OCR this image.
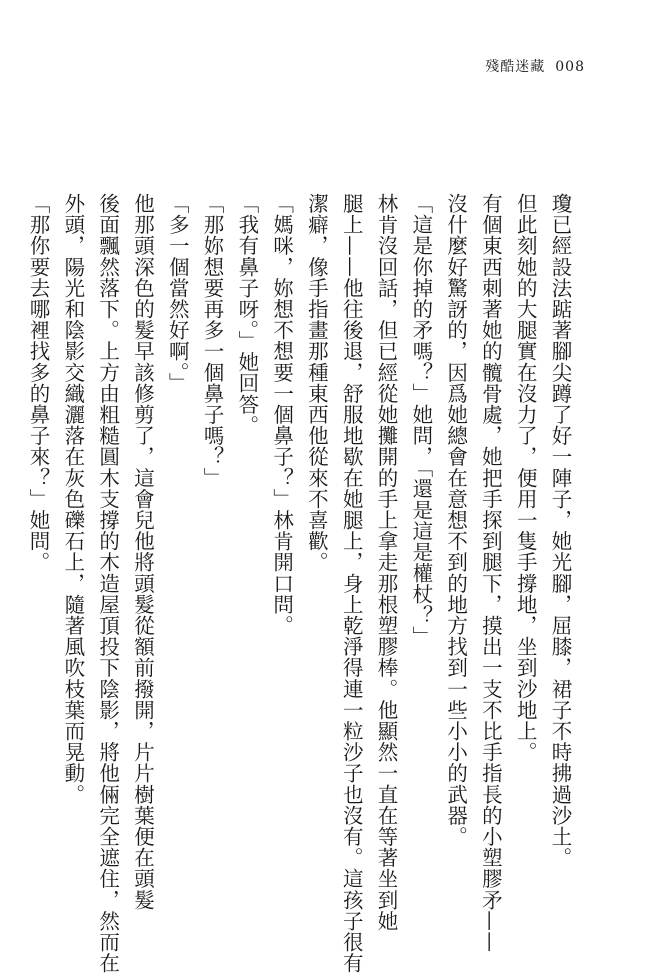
殘酷迷藏 008
瓊已經設法踮著腳尖蹲了好一陣子，她光腳，屈膝，裙子不時拂過沙土。
但此刻她的大腿實在沒力了，便用一隻手撐地，坐到沙地上。
有個東西刺著她的髖骨處，她把手探到腿下，摸出一支不比手指長的小塑膠矛——
沒什麼好驚訝的，因爲她總會在意想不到的地方找到一些小小的武器。
「這是你掉的矛嗎？」她問，「還是這是權杖？」
林肯沒回話，但已經從她攤開的手上拿走那根塑膠棒。他顯然一直在等著坐到她
腿上——他往後退，舒服地歇在她腿上，身上乾淨得連一粒沙子也沒有。這孩子很有
潔癖，像手指畫那種東西他從來不喜歡。
「媽咪，妳想不想要一個鼻子？」林肯開口問。
「我有鼻子呀。」她回答。
「那妳想要再多一個鼻子嗎？」
「多一個當然好啊。」
他那頭深色的髮早該修剪了，這會兒他將頭髮從額前撥開，片片樹葉便在頭髮
後面飄然落下。上方由粗糙圓木支撐的木造屋頂投下陰影，將他倆完全遮住，然而在
外頭，陽光和陰影交織灑落在灰色礫石上，隨著風吹枝葉而晃動。
「那你要去哪裡找多的鼻子來？」她問。
